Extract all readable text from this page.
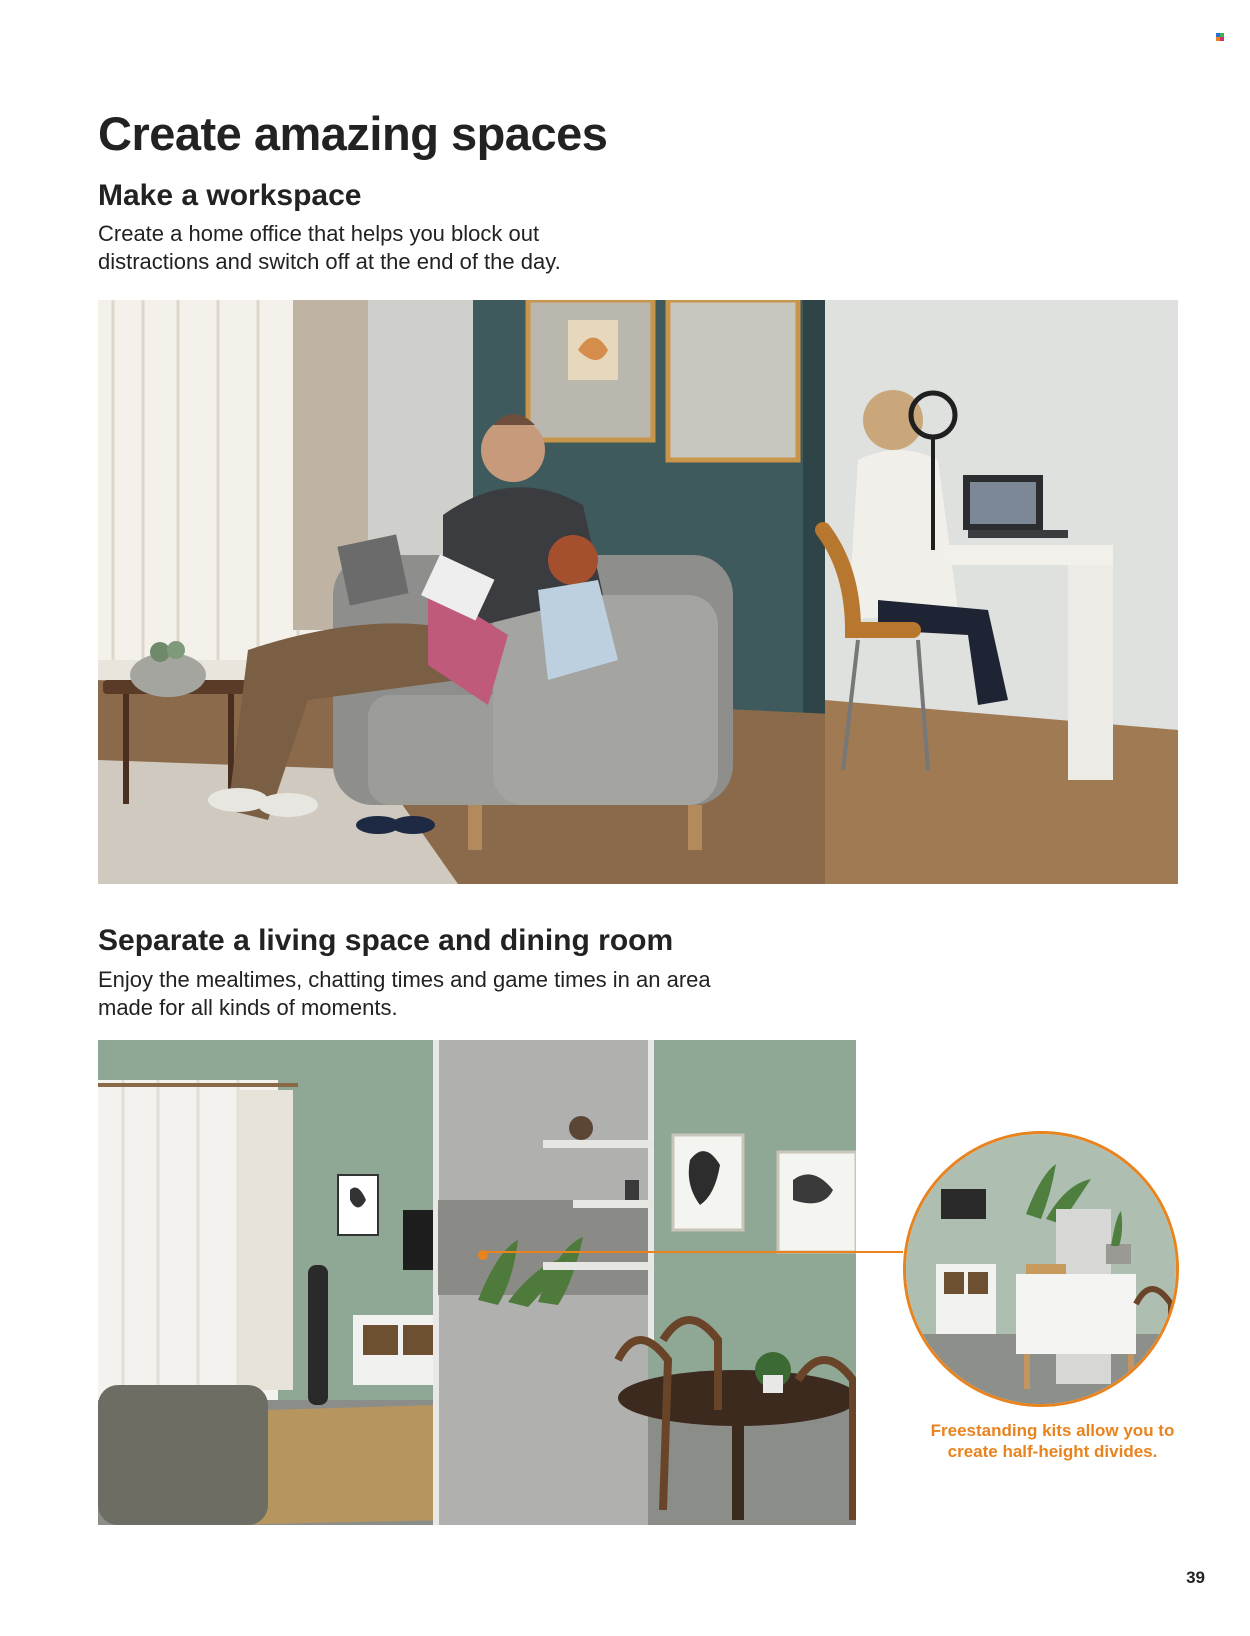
Create amazing spaces
Make a workspace
Create a home office that helps you block out
distractions and switch off at the end of the day.
Separate a living space and dining room
Enjoy the mealtimes, chatting times and game times in an area
made for all kinds of moments.
Freestanding kits allow you to
create half-height divides.
39
